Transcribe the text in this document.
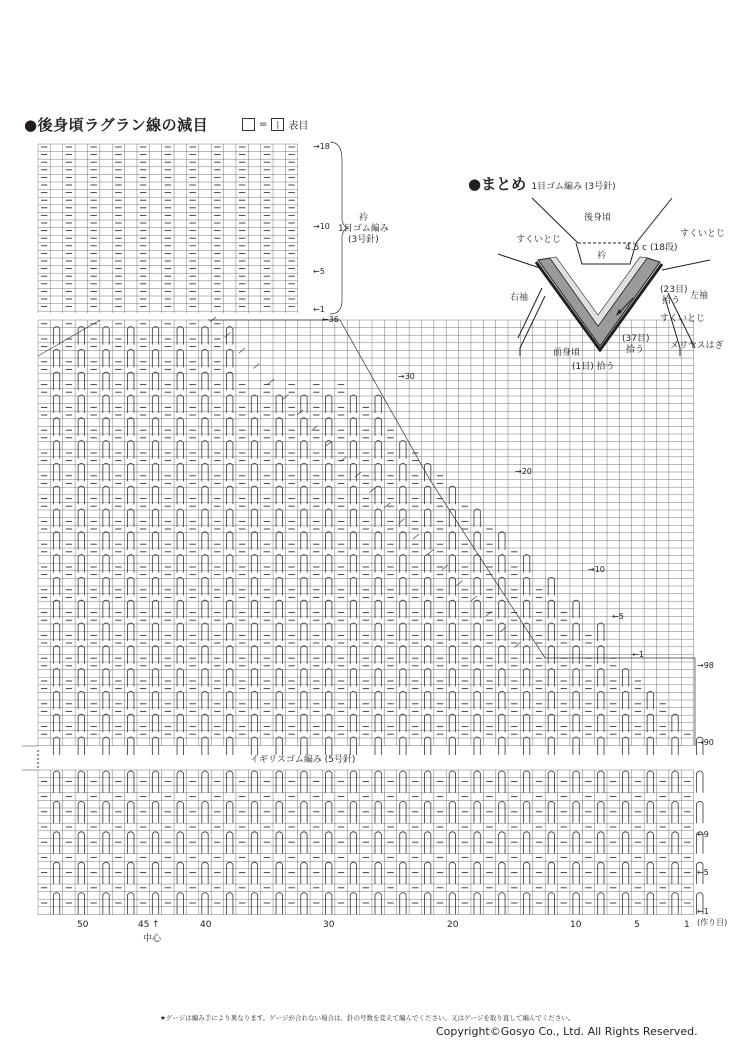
●後身頃ラグラン線の減目	=	| 表目
衿
1目ゴム編み
(3号針)
→18
→10
←5
←1
←36
→30
→20
→10
←5
←1
→98
→90
イギリスゴム編み (5号針)
←9
←5
←1
(作り目)
50	45 ↑	40	30	20	10	5	1
中心
●まとめ 1目ゴム編み (3号針)
後身頃
衿
すくいとじ
すくいとじ
4.5 c (18段)
右袖	左袖
(23目)
拾う
すくいとじ
(37目)
拾う	メリヤスはぎ
前身頃
(1目) 拾う
★ゲージは編み手により異なります。ゲージが合わない場合は、針の号数を変えて編んでください。又はゲージを取り直して編んでください。
Copyright©Gosyo Co., Ltd. All Rights Reserved.
